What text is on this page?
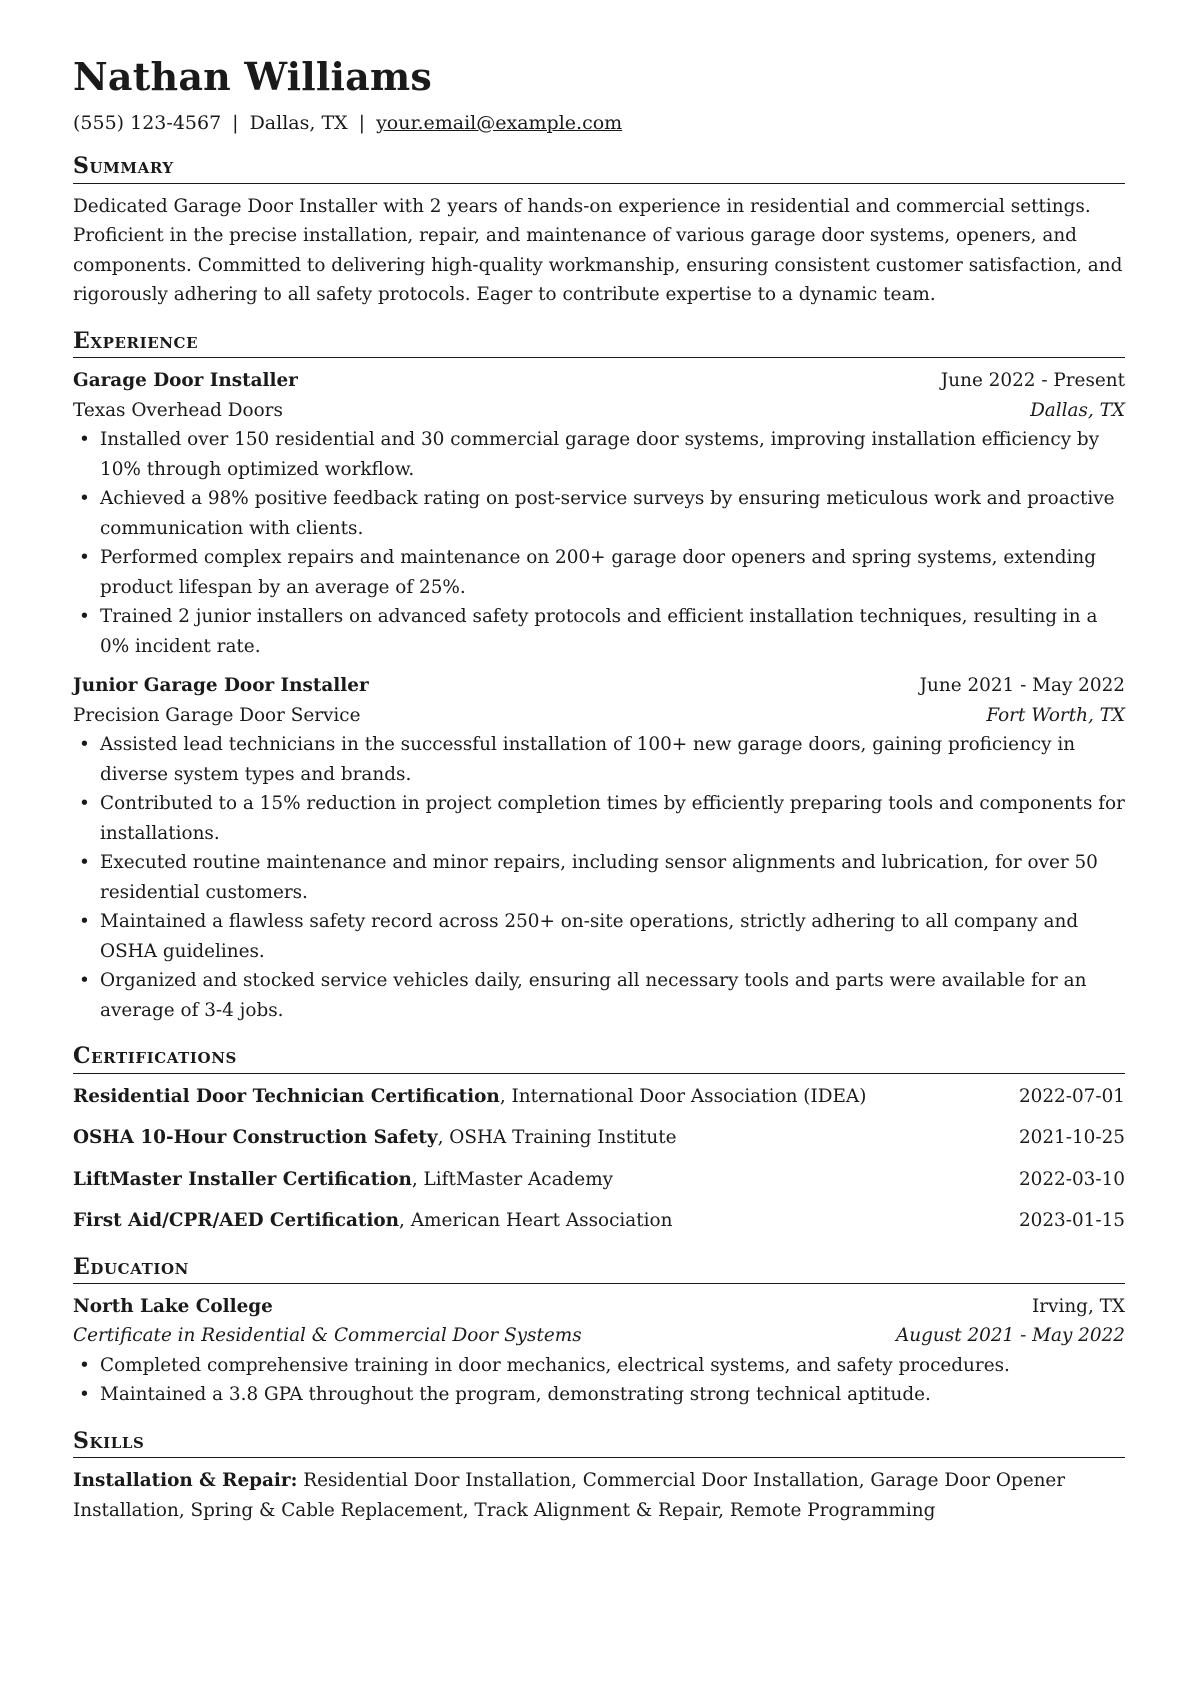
Nathan Williams
(555) 123-4567 | Dallas, TX | your.email@example.com
Summary
Dedicated Garage Door Installer with 2 years of hands-on experience in residential and commercial settings. Proficient in the precise installation, repair, and maintenance of various garage door systems, openers, and components. Committed to delivering high-quality workmanship, ensuring consistent customer satisfaction, and rigorously adhering to all safety protocols. Eager to contribute expertise to a dynamic team.
Experience
Garage Door Installer	June 2022 - Present
Texas Overhead Doors	Dallas, TX
• Installed over 150 residential and 30 commercial garage door systems, improving installation efficiency by 10% through optimized workflow.
• Achieved a 98% positive feedback rating on post-service surveys by ensuring meticulous work and proactive communication with clients.
• Performed complex repairs and maintenance on 200+ garage door openers and spring systems, extending product lifespan by an average of 25%.
• Trained 2 junior installers on advanced safety protocols and efficient installation techniques, resulting in a 0% incident rate.
Junior Garage Door Installer	June 2021 - May 2022
Precision Garage Door Service	Fort Worth, TX
• Assisted lead technicians in the successful installation of 100+ new garage doors, gaining proficiency in diverse system types and brands.
• Contributed to a 15% reduction in project completion times by efficiently preparing tools and components for installations.
• Executed routine maintenance and minor repairs, including sensor alignments and lubrication, for over 50 residential customers.
• Maintained a flawless safety record across 250+ on-site operations, strictly adhering to all company and OSHA guidelines.
• Organized and stocked service vehicles daily, ensuring all necessary tools and parts were available for an average of 3-4 jobs.
Certifications
Residential Door Technician Certification, International Door Association (IDEA)	2022-07-01
OSHA 10-Hour Construction Safety, OSHA Training Institute	2021-10-25
LiftMaster Installer Certification, LiftMaster Academy	2022-03-10
First Aid/CPR/AED Certification, American Heart Association	2023-01-15
Education
North Lake College	Irving, TX
Certificate in Residential & Commercial Door Systems	August 2021 - May 2022
• Completed comprehensive training in door mechanics, electrical systems, and safety procedures.
• Maintained a 3.8 GPA throughout the program, demonstrating strong technical aptitude.
Skills
Installation & Repair: Residential Door Installation, Commercial Door Installation, Garage Door Opener Installation, Spring & Cable Replacement, Track Alignment & Repair, Remote Programming
